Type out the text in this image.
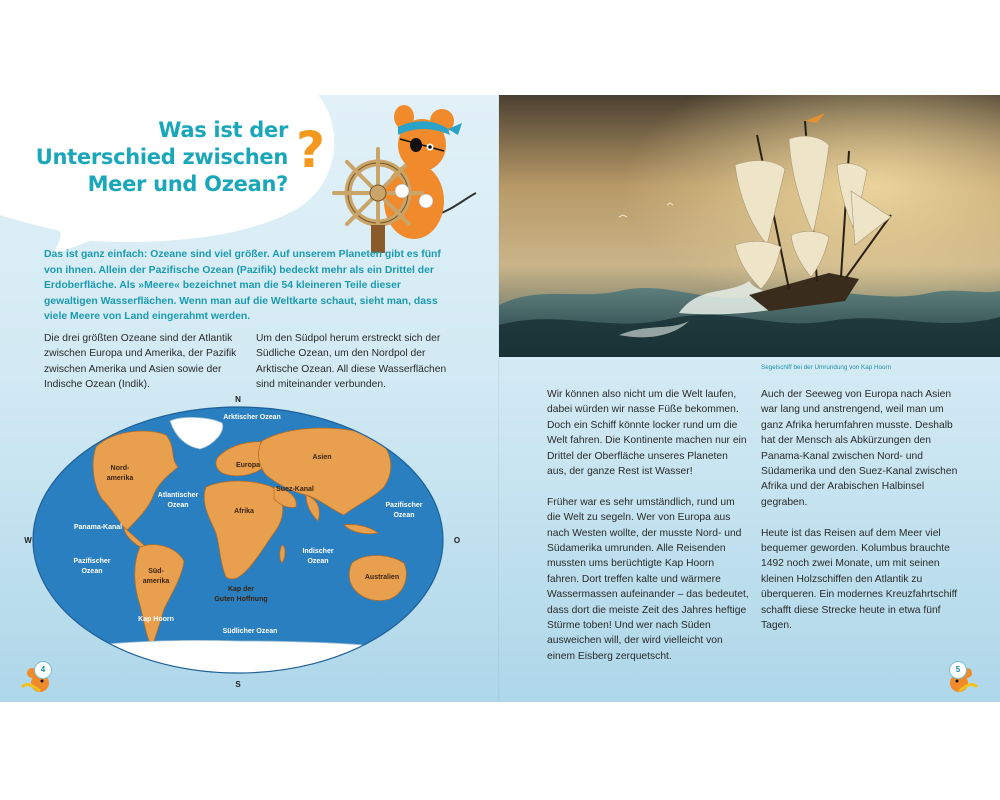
Was ist der
Unterschied zwischen
Meer und Ozean?
?

Das ist ganz einfach: Ozeane sind viel größer. Auf unserem Planeten gibt es fünf von ihnen. Allein der Pazifische Ozean (Pazifik) bedeckt mehr als ein Drittel der Erdoberfläche. Als »Meere« bezeichnet man die 54 kleineren Teile dieser gewaltigen Wasserflächen. Wenn man auf die Weltkarte schaut, sieht man, dass viele Meere von Land eingerahmt werden.

Die drei größten Ozeane sind der Atlantik zwischen Europa und Amerika, der Pazifik zwischen Amerika und Asien sowie der Indische Ozean (Indik).

Um den Südpol herum erstreckt sich der Südliche Ozean, um den Nordpol der Arktische Ozean. All diese Wasserflächen sind miteinander verbunden.

N
S
W	O
Arktischer Ozean
Atlantischer
Ozean
Pazifischer
Ozean
Pazifischer
Ozean
Indischer
Ozean
Südlicher Ozean
Panama-Kanal
Kap Hoorn
Nord-
amerika
Süd-
amerika
Europa
Asien
Afrika
Suez-Kanal
Australien
Kap der
Guten Hoffnung
4

Segelschiff bei der Umrundung von Kap Hoorn

Wir können also nicht um die Welt laufen, dabei würden wir nasse Füße bekommen. Doch ein Schiff könnte locker rund um die Welt fahren. Die Kontinente machen nur ein Drittel der Oberfläche unseres Planeten aus, der ganze Rest ist Wasser!

Früher war es sehr umständlich, rund um die Welt zu segeln. Wer von Europa aus nach Westen wollte, der musste Nord- und Südamerika umrunden. Alle Reisenden mussten ums berüchtigte Kap Hoorn fahren. Dort treffen kalte und wärmere Wassermassen aufeinander – das bedeutet, dass dort die meiste Zeit des Jahres heftige Stürme toben! Und wer nach Süden ausweichen will, der wird vielleicht von einem Eisberg zerquetscht.

Auch der Seeweg von Europa nach Asien war lang und anstrengend, weil man um ganz Afrika herumfahren musste. Deshalb hat der Mensch als Abkürzungen den Panama-Kanal zwischen Nord- und Südamerika und den Suez-Kanal zwischen Afrika und der Arabischen Halbinsel gegraben.

Heute ist das Reisen auf dem Meer viel bequemer geworden. Kolumbus brauchte 1492 noch zwei Monate, um mit seinen kleinen Holzschiffen den Atlantik zu überqueren. Ein modernes Kreuzfahrtschiff schafft diese Strecke heute in etwa fünf Tagen.

5
